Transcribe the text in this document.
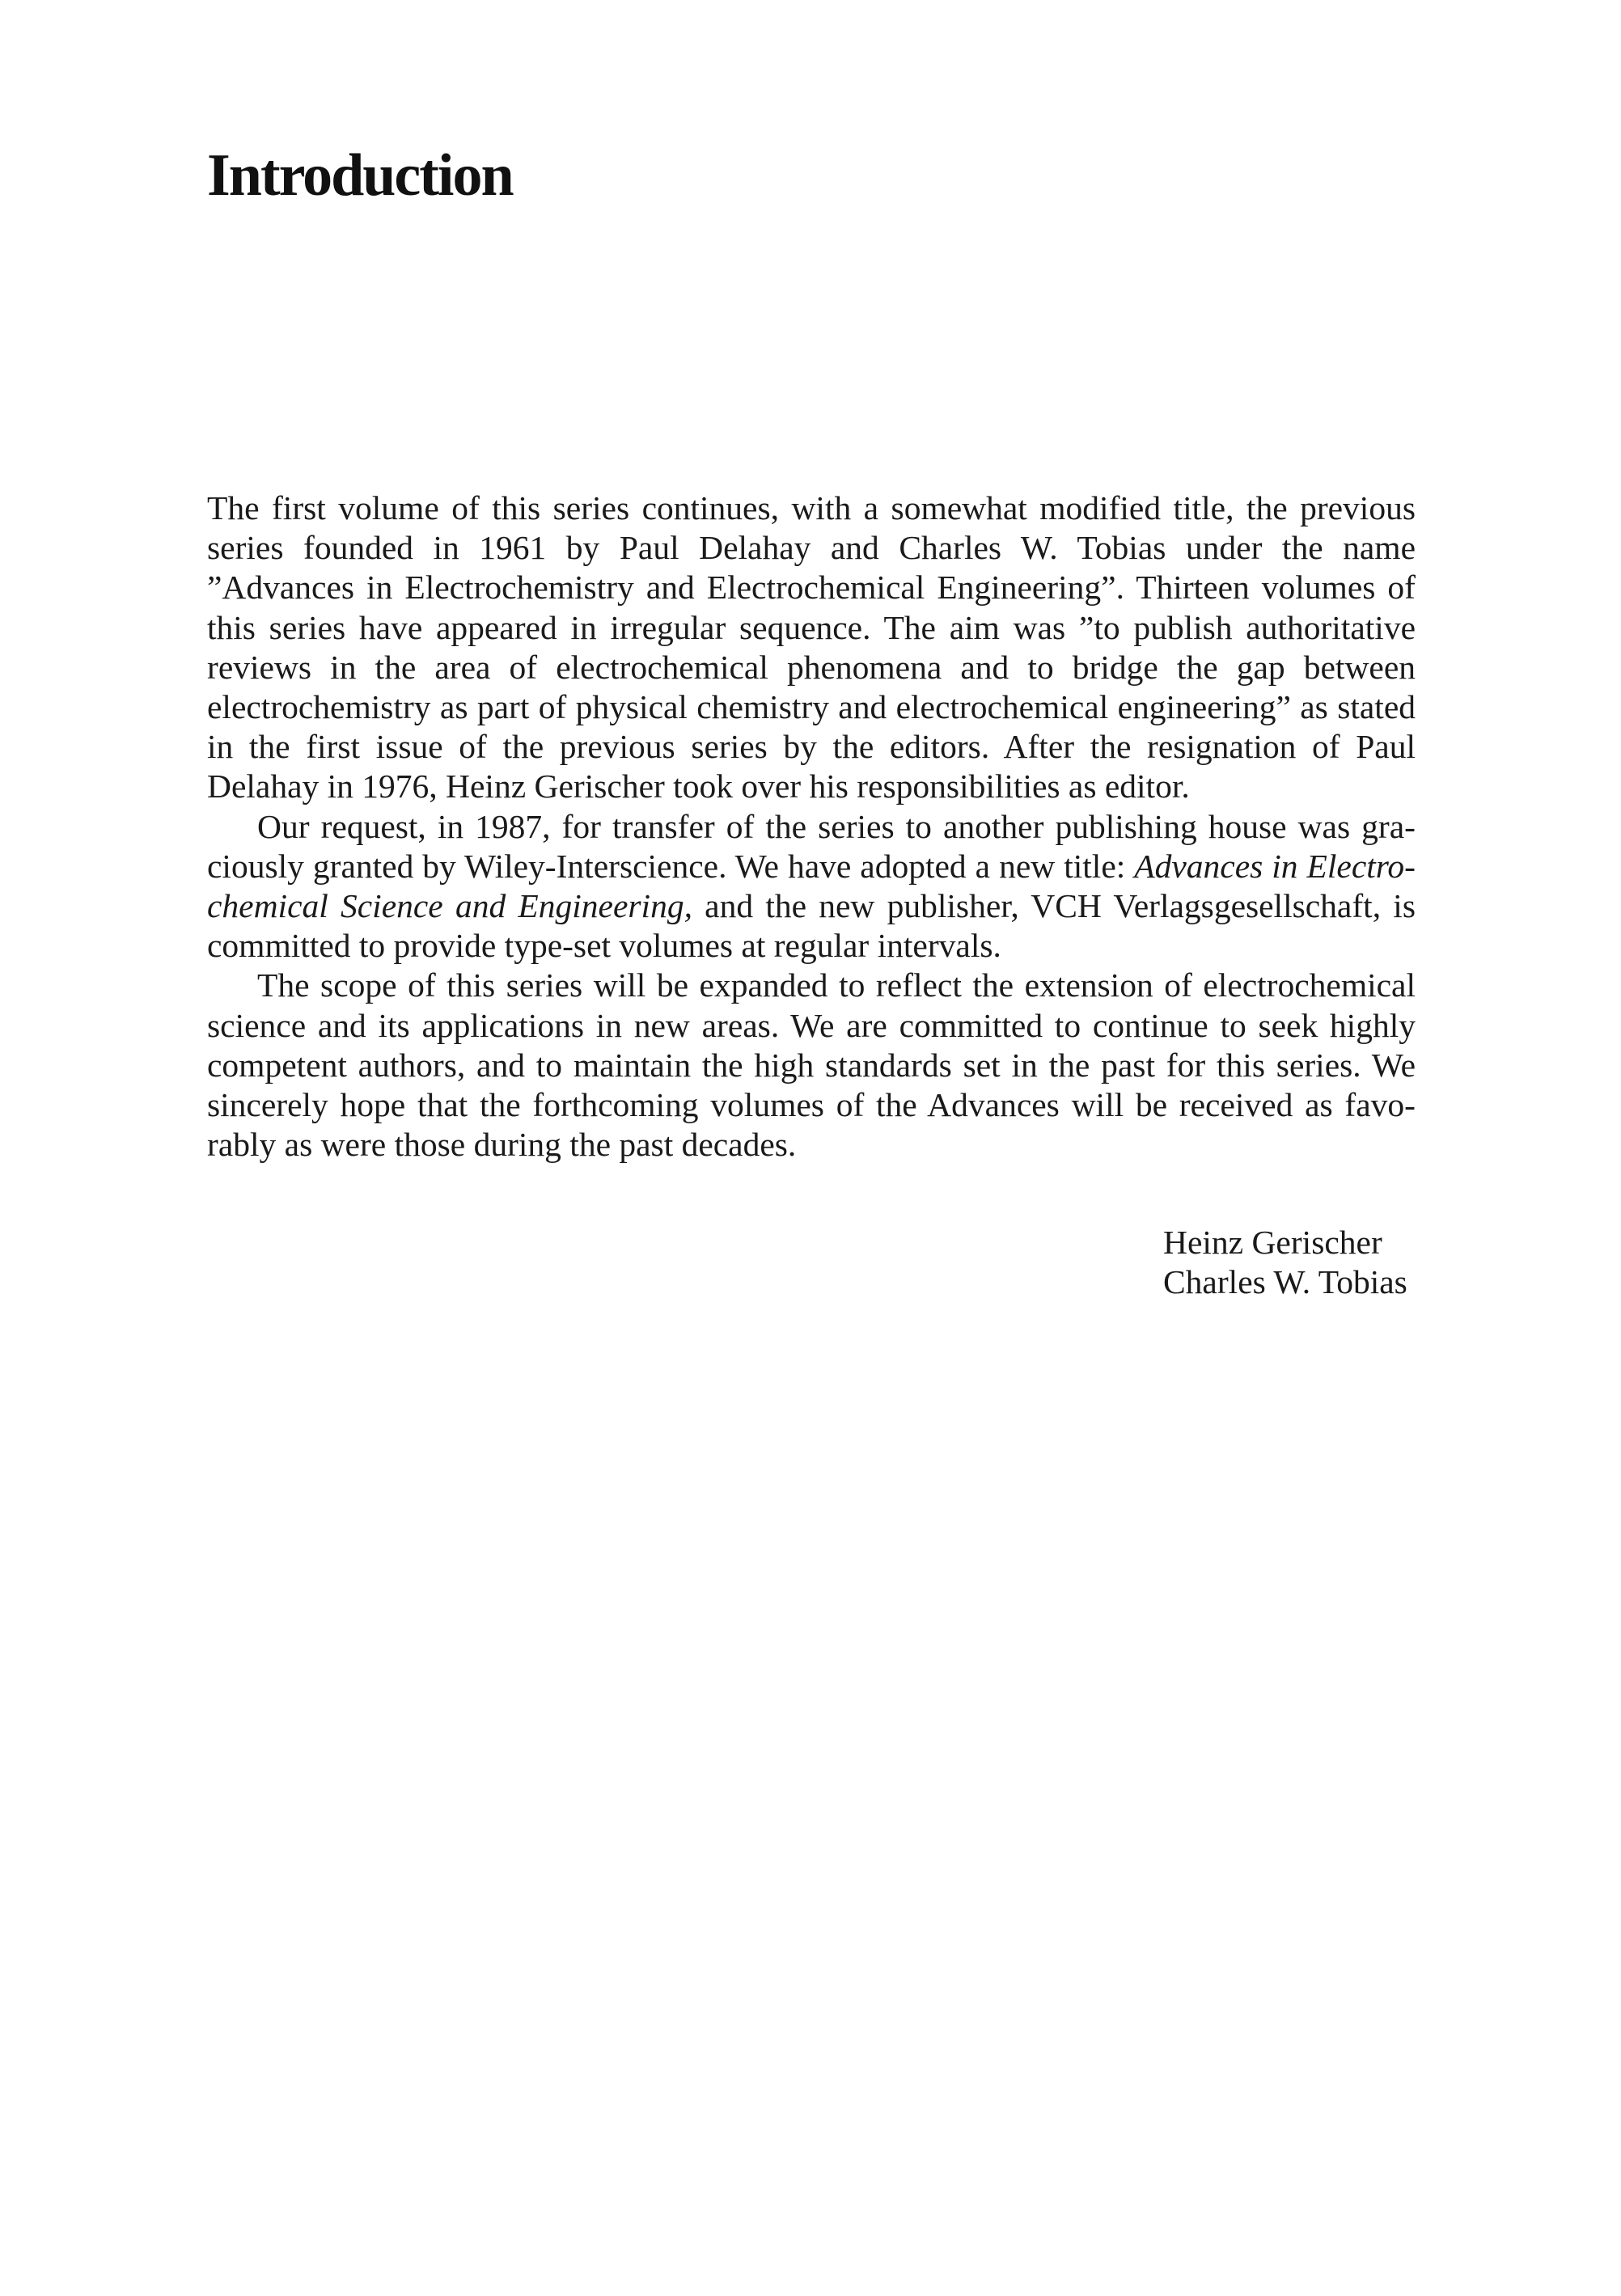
Introduction

The first volume of this series continues, with a somewhat modified title, the previous series founded in 1961 by Paul Delahay and Charles W. Tobias under the name ”Advances in Electrochemistry and Electrochemical Engineering”. Thirteen volumes of this series have appeared in irregular sequence. The aim was ”to publish authoritative reviews in the area of electrochemical phenomena and to bridge the gap between electrochemistry as part of physical chemistry and electrochemical engineering” as stated in the first issue of the previous series by the editors. After the resignation of Paul Delahay in 1976, Heinz Gerischer took over his responsibilities as editor.

Our request, in 1987, for transfer of the series to another publishing house was graciously granted by Wiley-Interscience. We have adopted a new title: Advances in Electrochemical Science and Engineering, and the new publisher, VCH Verlagsgesellschaft, is committed to provide type-set volumes at regular intervals.

The scope of this series will be expanded to reflect the extension of electrochemical science and its applications in new areas. We are committed to continue to seek highly competent authors, and to maintain the high standards set in the past for this series. We sincerely hope that the forthcoming volumes of the Advances will be received as favorably as were those during the past decades.

Heinz Gerischer
Charles W. Tobias
